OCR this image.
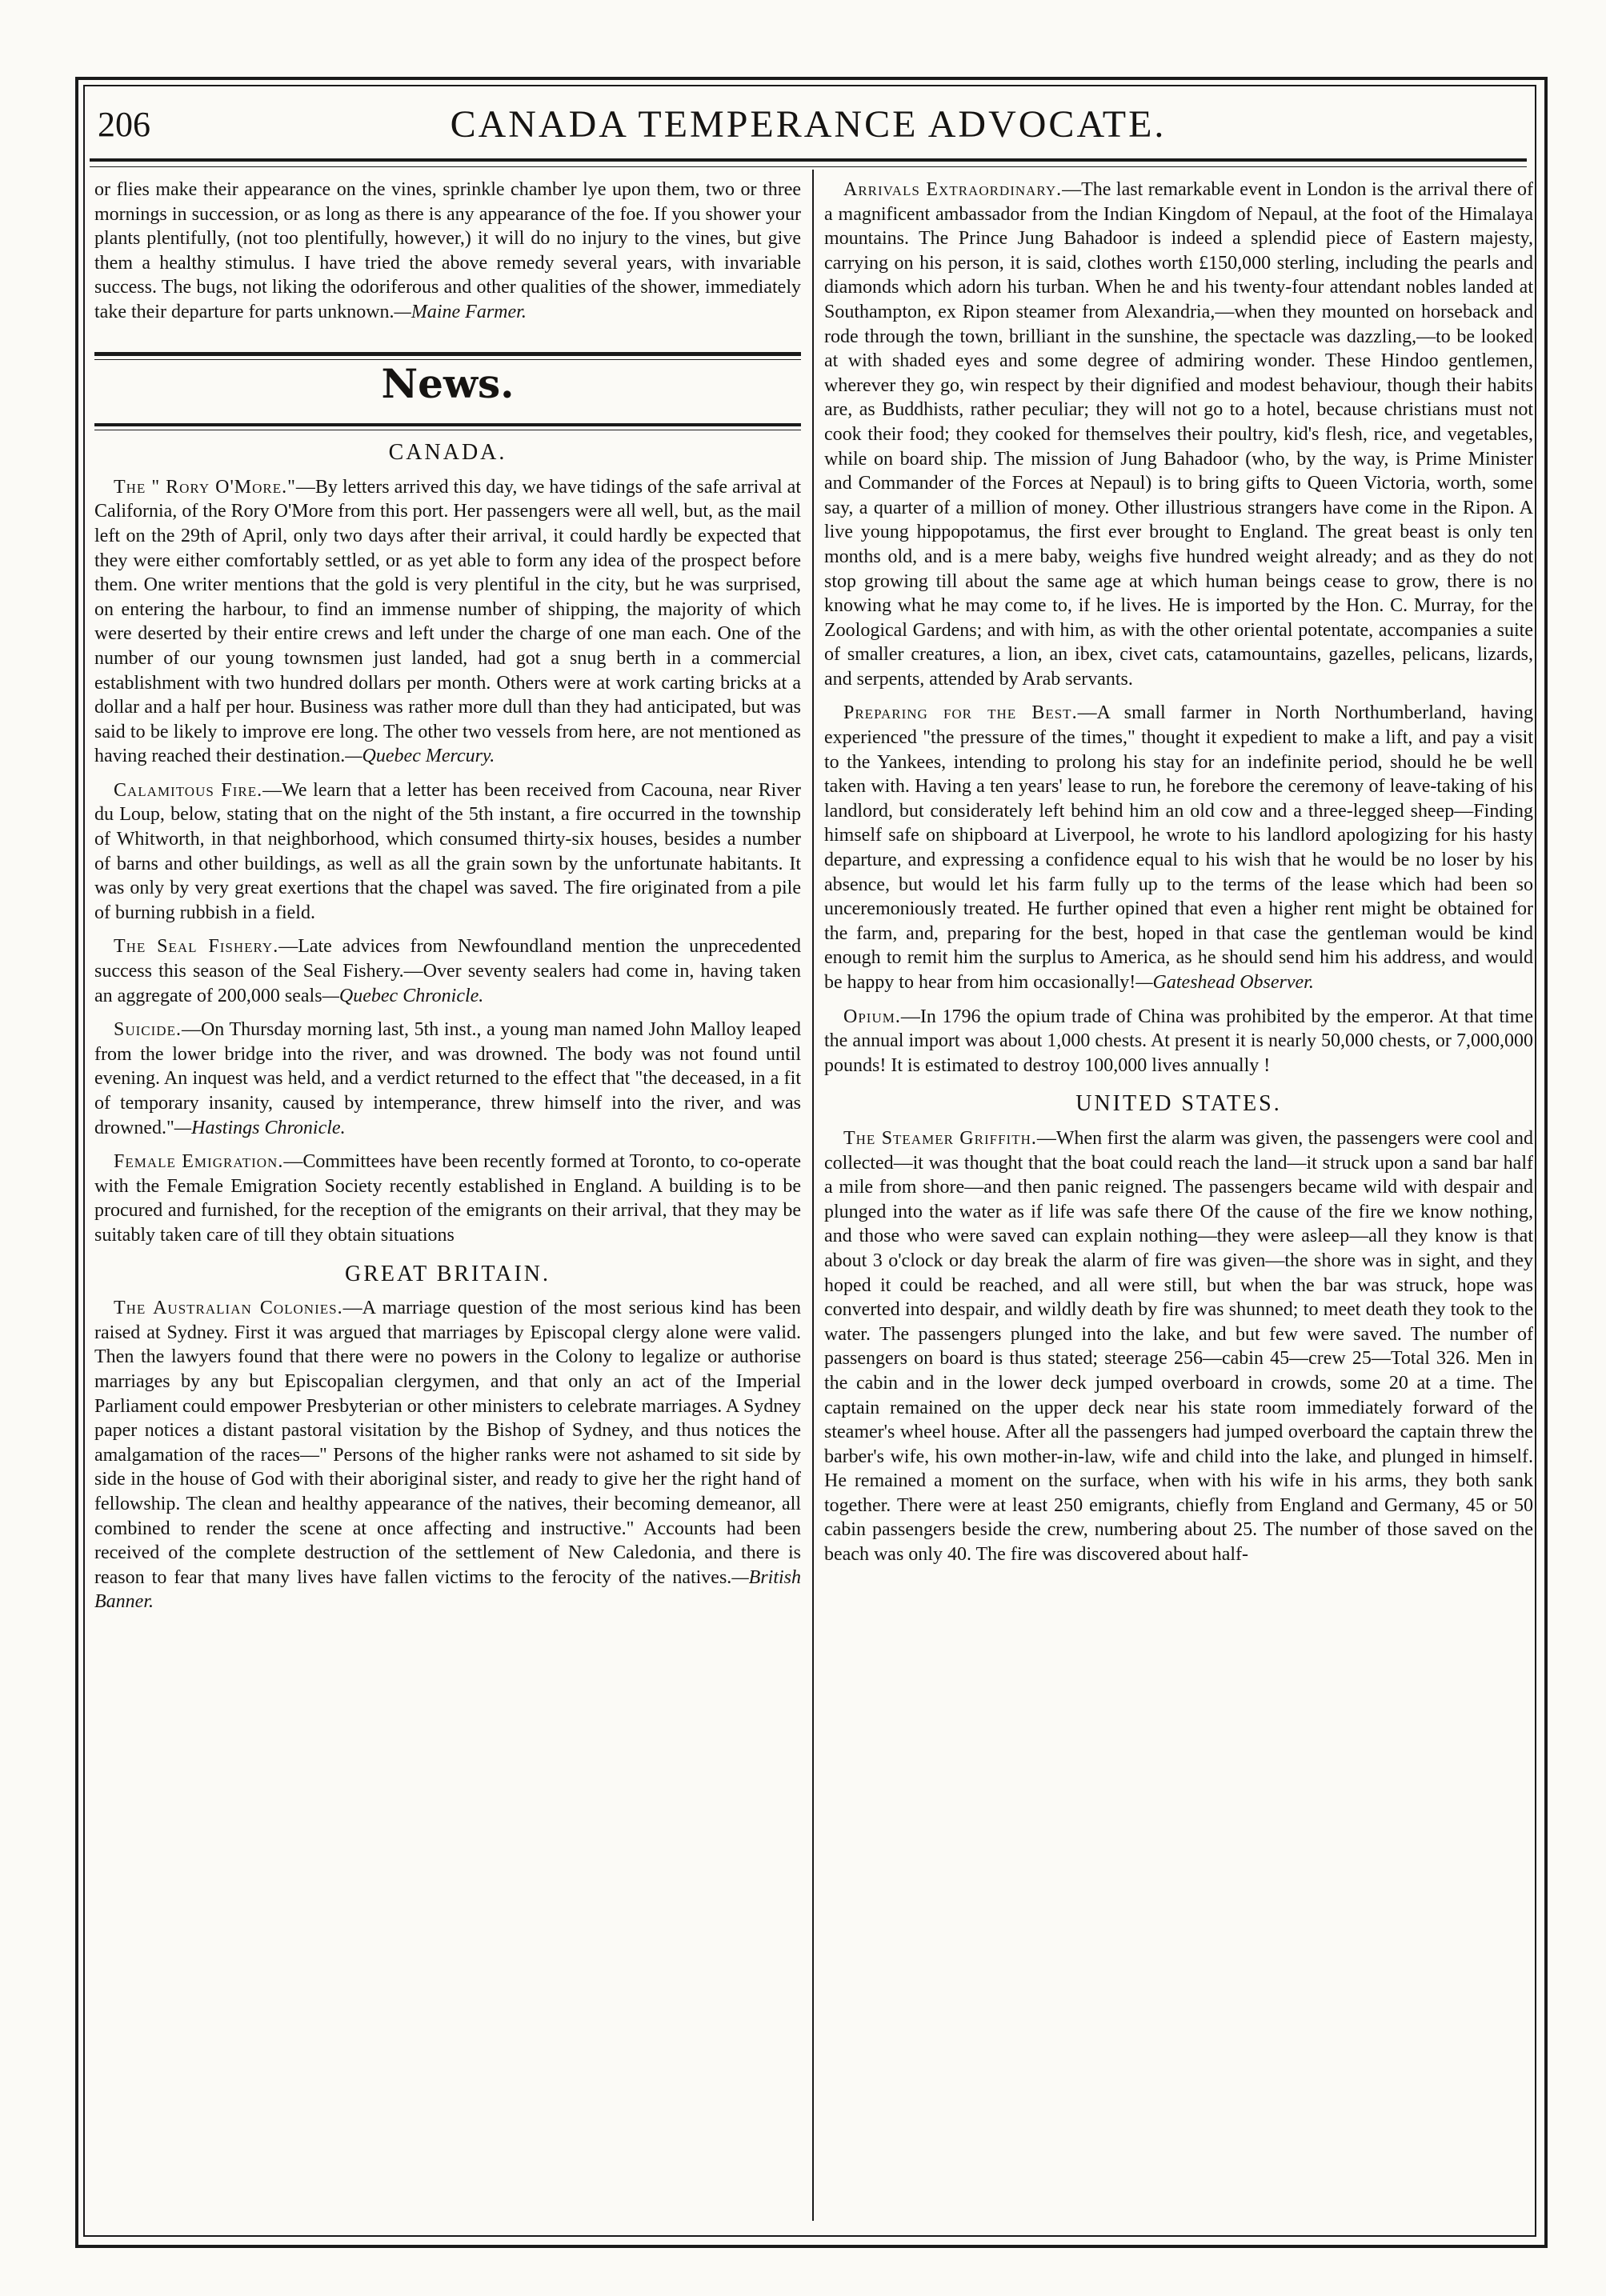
206	CANADA TEMPERANCE ADVOCATE.

or flies make their appearance on the vines, sprinkle chamber lye upon them, two or three mornings in succession, or as long as there is any appearance of the foe. If you shower your plants plentifully, (not too plentifully, however,) it will do no injury to the vines, but give them a healthy stimulus. I have tried the above remedy several years, with invariable success. The bugs, not liking the odoriferous and other qualities of the shower, immediately take their departure for parts unknown.—Maine Farmer.

News.
CANADA.

The " Rory O'More."—By letters arrived this day, we have tidings of the safe arrival at California, of the Rory O'More from this port. Her passengers were all well, but, as the mail left on the 29th of April, only two days after their arrival, it could hardly be expected that they were either comfortably settled, or as yet able to form any idea of the prospect before them. One writer mentions that the gold is very plentiful in the city, but he was surprised, on entering the harbour, to find an immense number of shipping, the majority of which were deserted by their entire crews and left under the charge of one man each. One of the number of our young townsmen just landed, had got a snug berth in a commercial establishment with two hundred dollars per month. Others were at work carting bricks at a dollar and a half per hour. Business was rather more dull than they had anticipated, but was said to be likely to improve ere long. The other two vessels from here, are not mentioned as having reached their destination.—Quebec Mercury.

Calamitous Fire.—We learn that a letter has been received from Cacouna, near River du Loup, below, stating that on the night of the 5th instant, a fire occurred in the township of Whitworth, in that neighborhood, which consumed thirty-six houses, besides a number of barns and other buildings, as well as all the grain sown by the unfortunate habitants. It was only by very great exertions that the chapel was saved. The fire originated from a pile of burning rubbish in a field.

The Seal Fishery.—Late advices from Newfoundland mention the unprecedented success this season of the Seal Fishery.—Over seventy sealers had come in, having taken an aggregate of 200,000 seals—Quebec Chronicle.

Suicide.—On Thursday morning last, 5th inst., a young man named John Malloy leaped from the lower bridge into the river, and was drowned. The body was not found until evening. An inquest was held, and a verdict returned to the effect that "the deceased, in a fit of temporary insanity, caused by intemperance, threw himself into the river, and was drowned."—Hastings Chronicle.

Female Emigration.—Committees have been recently formed at Toronto, to co-operate with the Female Emigration Society recently established in England. A building is to be procured and furnished, for the reception of the emigrants on their arrival, that they may be suitably taken care of till they obtain situations

GREAT BRITAIN.

The Australian Colonies.—A marriage question of the most serious kind has been raised at Sydney. First it was argued that marriages by Episcopal clergy alone were valid. Then the lawyers found that there were no powers in the Colony to legalize or authorise marriages by any but Episcopalian clergymen, and that only an act of the Imperial Parliament could empower Presbyterian or other ministers to celebrate marriages. A Sydney paper notices a distant pastoral visitation by the Bishop of Sydney, and thus notices the amalgamation of the races—" Persons of the higher ranks were not ashamed to sit side by side in the house of God with their aboriginal sister, and ready to give her the right hand of fellowship. The clean and healthy appearance of the natives, their becoming demeanor, all combined to render the scene at once affecting and instructive." Accounts had been received of the complete destruction of the settlement of New Caledonia, and there is reason to fear that many lives have fallen victims to the ferocity of the natives.—British Banner.

Arrivals Extraordinary.—The last remarkable event in London is the arrival there of a magnificent ambassador from the Indian Kingdom of Nepaul, at the foot of the Himalaya mountains. The Prince Jung Bahadoor is indeed a splendid piece of Eastern majesty, carrying on his person, it is said, clothes worth £150,000 sterling, including the pearls and diamonds which adorn his turban. When he and his twenty-four attendant nobles landed at Southampton, ex Ripon steamer from Alexandria,—when they mounted on horseback and rode through the town, brilliant in the sunshine, the spectacle was dazzling,—to be looked at with shaded eyes and some degree of admiring wonder. These Hindoo gentlemen, wherever they go, win respect by their dignified and modest behaviour, though their habits are, as Buddhists, rather peculiar; they will not go to a hotel, because christians must not cook their food; they cooked for themselves their poultry, kid's flesh, rice, and vegetables, while on board ship. The mission of Jung Bahadoor (who, by the way, is Prime Minister and Commander of the Forces at Nepaul) is to bring gifts to Queen Victoria, worth, some say, a quarter of a million of money. Other illustrious strangers have come in the Ripon. A live young hippopotamus, the first ever brought to England. The great beast is only ten months old, and is a mere baby, weighs five hundred weight already; and as they do not stop growing till about the same age at which human beings cease to grow, there is no knowing what he may come to, if he lives. He is imported by the Hon. C. Murray, for the Zoological Gardens; and with him, as with the other oriental potentate, accompanies a suite of smaller creatures, a lion, an ibex, civet cats, catamountains, gazelles, pelicans, lizards, and serpents, attended by Arab servants.

Preparing for the Best.—A small farmer in North Northumberland, having experienced "the pressure of the times," thought it expedient to make a lift, and pay a visit to the Yankees, intending to prolong his stay for an indefinite period, should he be well taken with. Having a ten years' lease to run, he forebore the ceremony of leave-taking of his landlord, but considerately left behind him an old cow and a three-legged sheep—Finding himself safe on shipboard at Liverpool, he wrote to his landlord apologizing for his hasty departure, and expressing a confidence equal to his wish that he would be no loser by his absence, but would let his farm fully up to the terms of the lease which had been so unceremoniously treated. He further opined that even a higher rent might be obtained for the farm, and, preparing for the best, hoped in that case the gentleman would be kind enough to remit him the surplus to America, as he should send him his address, and would be happy to hear from him occasionally!—Gateshead Observer.

Opium.—In 1796 the opium trade of China was prohibited by the emperor. At that time the annual import was about 1,000 chests. At present it is nearly 50,000 chests, or 7,000,000 pounds! It is estimated to destroy 100,000 lives annually !

UNITED STATES.

The Steamer Griffith.—When first the alarm was given, the passengers were cool and collected—it was thought that the boat could reach the land—it struck upon a sand bar half a mile from shore—and then panic reigned. The passengers became wild with despair and plunged into the water as if life was safe there Of the cause of the fire we know nothing, and those who were saved can explain nothing—they were asleep—all they know is that about 3 o'clock or day break the alarm of fire was given—the shore was in sight, and they hoped it could be reached, and all were still, but when the bar was struck, hope was converted into despair, and wildly death by fire was shunned; to meet death they took to the water. The passengers plunged into the lake, and but few were saved. The number of passengers on board is thus stated; steerage 256—cabin 45—crew 25—Total 326. Men in the cabin and in the lower deck jumped overboard in crowds, some 20 at a time. The captain remained on the upper deck near his state room immediately forward of the steamer's wheel house. After all the passengers had jumped overboard the captain threw the barber's wife, his own mother-in-law, wife and child into the lake, and plunged in himself. He remained a moment on the surface, when with his wife in his arms, they both sank together. There were at least 250 emigrants, chiefly from England and Germany, 45 or 50 cabin passengers beside the crew, numbering about 25. The number of those saved on the beach was only 40. The fire was discovered about half-
